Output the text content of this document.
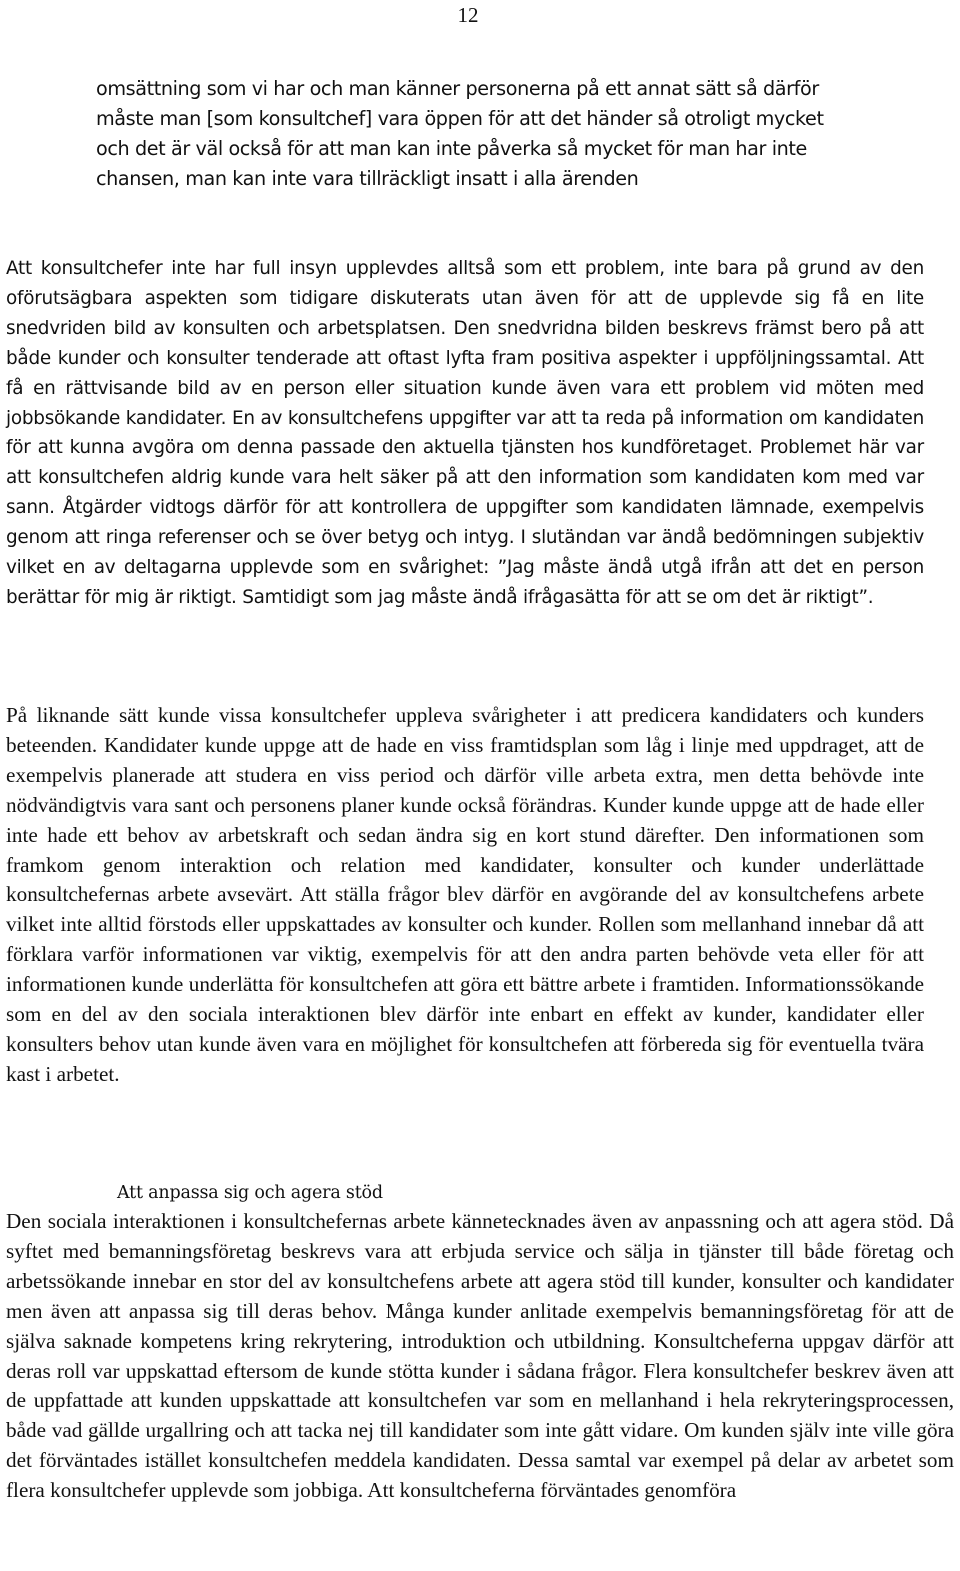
12

omsättning som vi har och man känner personerna på ett annat sätt så därför måste man [som konsultchef] vara öppen för att det händer så otroligt mycket och det är väl också för att man kan inte påverka så mycket för man har inte chansen, man kan inte vara tillräckligt insatt i alla ärenden

Att konsultchefer inte har full insyn upplevdes alltså som ett problem, inte bara på grund av den oförutsägbara aspekten som tidigare diskuterats utan även för att de upplevde sig få en lite snedvriden bild av konsulten och arbetsplatsen. Den snedvridna bilden beskrevs främst bero på att både kunder och konsulter tenderade att oftast lyfta fram positiva aspekter i uppföljningssamtal. Att få en rättvisande bild av en person eller situation kunde även vara ett problem vid möten med jobbsökande kandidater. En av konsultchefens uppgifter var att ta reda på information om kandidaten för att kunna avgöra om denna passade den aktuella tjänsten hos kundföretaget. Problemet här var att konsultchefen aldrig kunde vara helt säker på att den information som kandidaten kom med var sann. Åtgärder vidtogs därför för att kontrollera de uppgifter som kandidaten lämnade, exempelvis genom att ringa referenser och se över betyg och intyg. I slutändan var ändå bedömningen subjektiv vilket en av deltagarna upplevde som en svårighet: ”Jag måste ändå utgå ifrån att det en person berättar för mig är riktigt. Samtidigt som jag måste ändå ifrågasätta för att se om det är riktigt”.

På liknande sätt kunde vissa konsultchefer uppleva svårigheter i att predicera kandidaters och kunders beteenden. Kandidater kunde uppge att de hade en viss framtidsplan som låg i linje med uppdraget, att de exempelvis planerade att studera en viss period och därför ville arbeta extra, men detta behövde inte nödvändigtvis vara sant och personens planer kunde också förändras. Kunder kunde uppge att de hade eller inte hade ett behov av arbetskraft och sedan ändra sig en kort stund därefter. Den informationen som framkom genom interaktion och relation med kandidater, konsulter och kunder underlättade konsultchefernas arbete avsevärt. Att ställa frågor blev därför en avgörande del av konsultchefens arbete vilket inte alltid förstods eller uppskattades av konsulter och kunder. Rollen som mellanhand innebar då att förklara varför informationen var viktig, exempelvis för att den andra parten behövde veta eller för att informationen kunde underlätta för konsultchefen att göra ett bättre arbete i framtiden. Informationssökande som en del av den sociala interaktionen blev därför inte enbart en effekt av kunder, kandidater eller konsulters behov utan kunde även vara en möjlighet för konsultchefen att förbereda sig för eventuella tvära kast i arbetet.

Att anpassa sig och agera stöd

Den sociala interaktionen i konsultchefernas arbete kännetecknades även av anpassning och att agera stöd. Då syftet med bemanningsföretag beskrevs vara att erbjuda service och sälja in tjänster till både företag och arbetssökande innebar en stor del av konsultchefens arbete att agera stöd till kunder, konsulter och kandidater men även att anpassa sig till deras behov. Många kunder anlitade exempelvis bemanningsföretag för att de själva saknade kompetens kring rekrytering, introduktion och utbildning. Konsultcheferna uppgav därför att deras roll var uppskattad eftersom de kunde stötta kunder i sådana frågor. Flera konsultchefer beskrev även att de uppfattade att kunden uppskattade att konsultchefen var som en mellanhand i hela rekryteringsprocessen, både vad gällde urgallring och att tacka nej till kandidater som inte gått vidare. Om kunden själv inte ville göra det förväntades istället konsultchefen meddela kandidaten. Dessa samtal var exempel på delar av arbetet som flera konsultchefer upplevde som jobbiga. Att konsultcheferna förväntades genomföra
